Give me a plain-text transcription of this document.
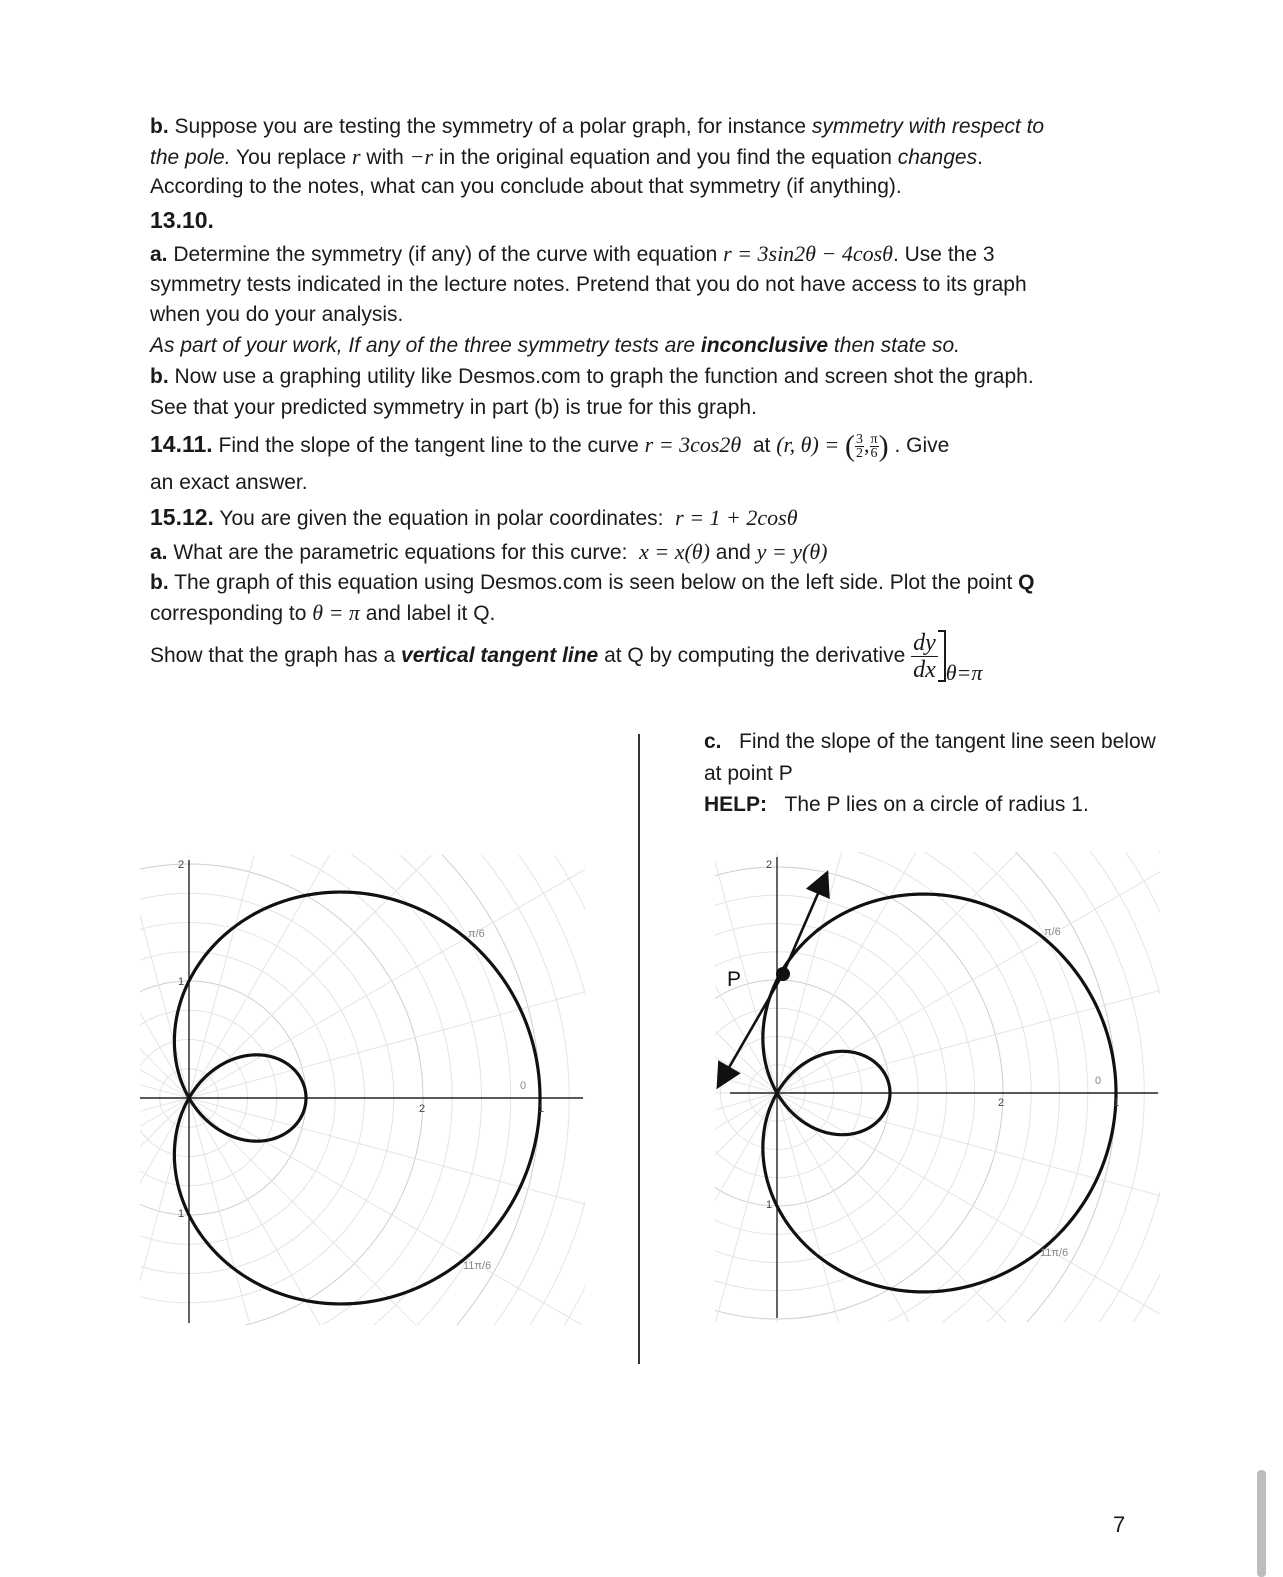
b. Suppose you are testing the symmetry of a polar graph, for instance symmetry with respect to
the pole. You replace r with −r in the original equation and you find the equation changes.
According to the notes, what can you conclude about that symmetry (if anything).
13.10.
a. Determine the symmetry (if any) of the curve with equation r = 3sin2θ − 4cosθ. Use the 3
symmetry tests indicated in the lecture notes. Pretend that you do not have access to its graph
when you do your analysis.
As part of your work, If any of the three symmetry tests are inconclusive then state so.
b. Now use a graphing utility like Desmos.com to graph the function and screen shot the graph.
See that your predicted symmetry in part (b) is true for this graph.
14.11. Find the slope of the tangent line to the curve r = 3cos2θ at (r, θ) = ( $\frac{3}{2}$ , $\frac{\pi}{6}$ ) . Give
an exact answer.
15.12. You are given the equation in polar coordinates: r = 1 + 2cosθ
a. What are the parametric equations for this curve: x = x(θ) and y = y(θ)
b. The graph of this equation using Desmos.com is seen below on the left side. Plot the point Q
corresponding to θ = π and label it Q.
Show that the graph has a vertical tangent line at Q by computing the derivative $\frac{dy}{dx} \theta=\pi$
c. Find the slope of the tangent line seen below
at point P
HELP: The P lies on a circle of radius 1.
2
1
1
2	1
0
π/6
11π/6
P
2
1
2	1
0
π/6
11π/6
7
